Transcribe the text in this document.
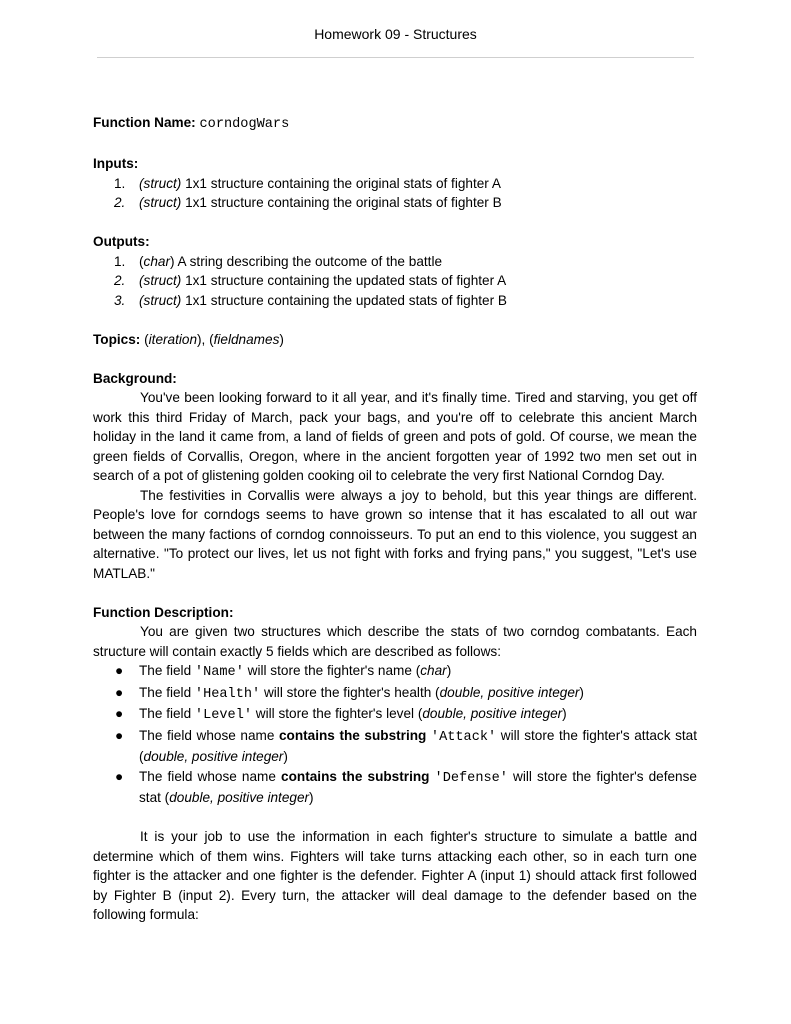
Homework 09 - Structures

Function Name: corndogWars

Inputs:
1.	(struct) 1x1 structure containing the original stats of fighter A
2.	(struct) 1x1 structure containing the original stats of fighter B
Outputs:
1.	(char) A string describing the outcome of the battle
2.	(struct) 1x1 structure containing the updated stats of fighter A
3.	(struct) 1x1 structure containing the updated stats of fighter B

Topics: (iteration), (fieldnames)

Background:

You've been looking forward to it all year, and it's finally time. Tired and starving, you get off work this third Friday of March, pack your bags, and you're off to celebrate this ancient March holiday in the land it came from, a land of fields of green and pots of gold. Of course, we mean the green fields of Corvallis, Oregon, where in the ancient forgotten year of 1992 two men set out in search of a pot of glistening golden cooking oil to celebrate the very first National Corndog Day.

The festivities in Corvallis were always a joy to behold, but this year things are different. People's love for corndogs seems to have grown so intense that it has escalated to all out war between the many factions of corndog connoisseurs. To put an end to this violence, you suggest an alternative. "To protect our lives, let us not fight with forks and frying pans," you suggest, "Let's use MATLAB."

Function Description:

You are given two structures which describe the stats of two corndog combatants. Each structure will contain exactly 5 fields which are described as follows:

●	The field 'Name' will store the fighter's name (char)
●	The field 'Health' will store the fighter's health (double, positive integer)
●	The field 'Level' will store the fighter's level (double, positive integer)
●	The field whose name contains the substring 'Attack' will store the fighter's attack stat (double, positive integer)
●	The field whose name contains the substring 'Defense' will store the fighter's defense stat (double, positive integer)

It is your job to use the information in each fighter's structure to simulate a battle and determine which of them wins. Fighters will take turns attacking each other, so in each turn one fighter is the attacker and one fighter is the defender. Fighter A (input 1) should attack first followed by Fighter B (input 2). Every turn, the attacker will deal damage to the defender based on the following formula:
